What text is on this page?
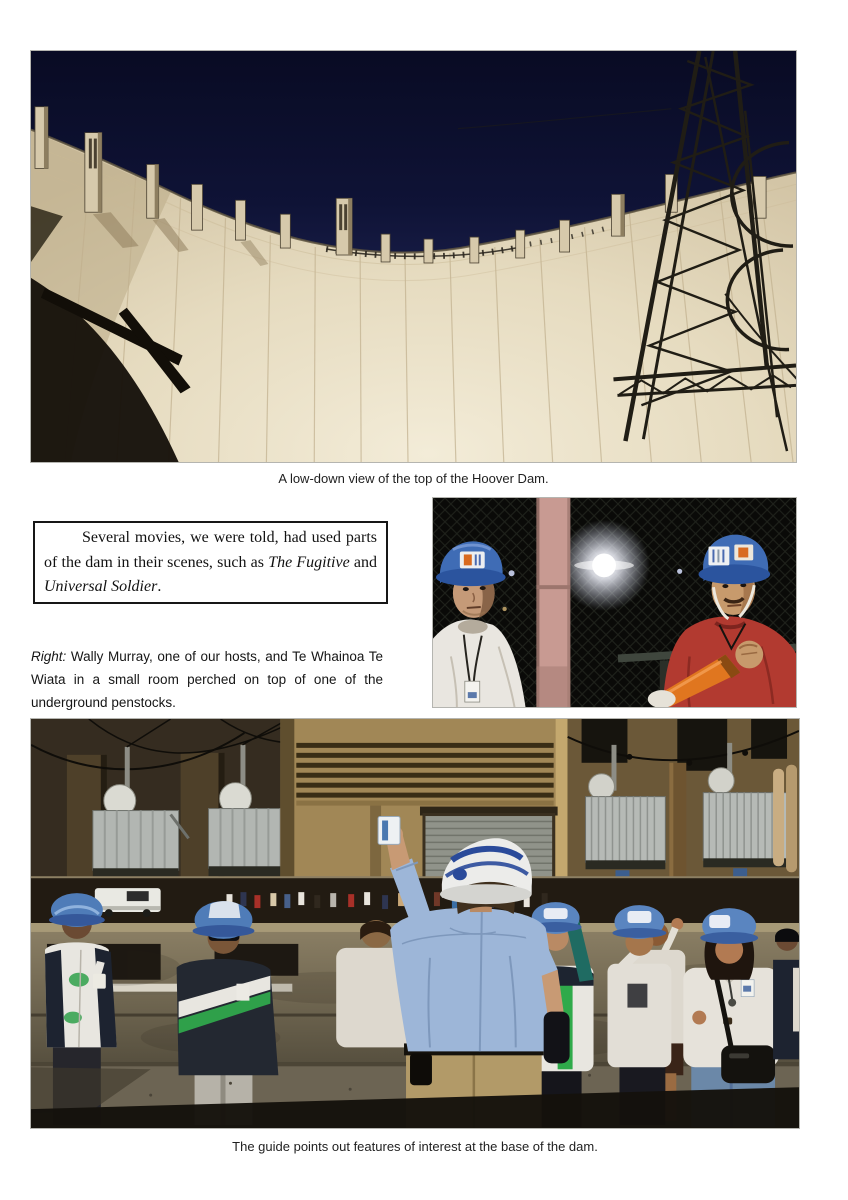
A low-down view of the top of the Hoover Dam.

Several movies, we were told, had used parts of the dam in their scenes, such as The Fugitive and Universal Soldier.

Right: Wally Murray, one of our hosts, and Te Whainoa Te Wiata in a small room perched on top of one of the underground penstocks.

The guide points out features of interest at the base of the dam.
